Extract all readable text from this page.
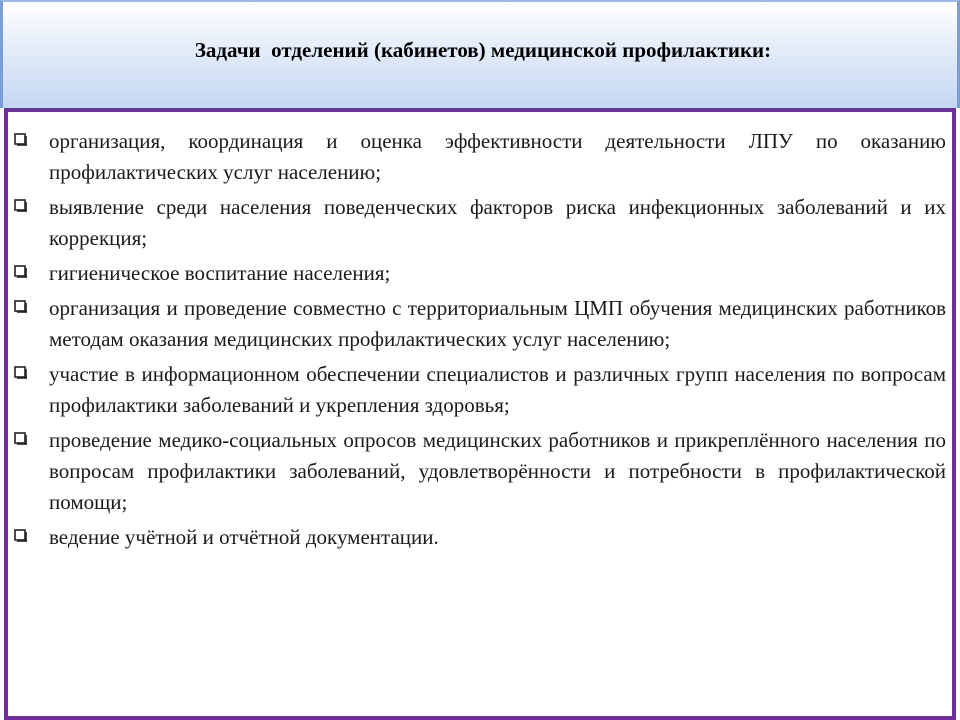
Задачи  отделений (кабинетов) медицинской профилактики:
организация, координация и оценка эффективности деятельности ЛПУ по оказанию профилактических услуг населению;
выявление среди населения поведенческих факторов риска инфекционных заболеваний и их коррекция;
гигиеническое воспитание населения;
организация и проведение совместно с территориальным ЦМП обучения медицинских работников методам оказания медицинских профилактических услуг населению;
участие в информационном обеспечении специалистов и различных групп населения по вопросам профилактики заболеваний и укрепления здоровья;
проведение медико-социальных опросов медицинских работников и прикреплённого населения по вопросам профилактики заболеваний, удовлетворённости и потребности в профилактической помощи;
ведение учётной и отчётной документации.
